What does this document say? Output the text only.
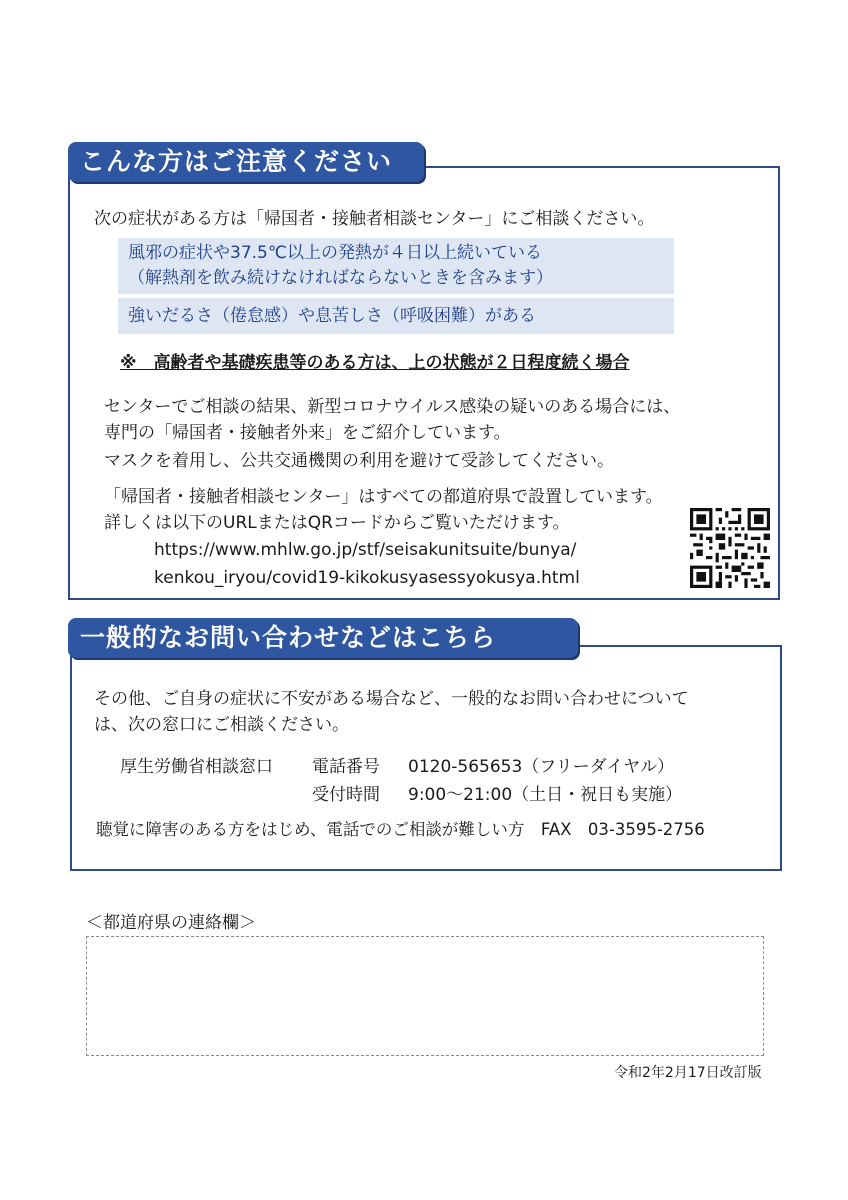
こんな方はご注意ください
次の症状がある方は「帰国者・接触者相談センター」にご相談ください。
風邪の症状や37.5℃以上の発熱が４日以上続いている
（解熱剤を飲み続けなければならないときを含みます）
強いだるさ（倦怠感）や息苦しさ（呼吸困難）がある
※　高齢者や基礎疾患等のある方は、上の状態が２日程度続く場合
センターでご相談の結果、新型コロナウイルス感染の疑いのある場合には、
専門の「帰国者・接触者外来」をご紹介しています。
マスクを着用し、公共交通機関の利用を避けて受診してください。
「帰国者・接触者相談センター」はすべての都道府県で設置しています。
詳しくは以下のURLまたはQRコードからご覧いただけます。
https://www.mhlw.go.jp/stf/seisakunitsuite/bunya/
kenkou_iryou/covid19-kikokusyasessyokusya.html
一般的なお問い合わせなどはこちら
その他、ご自身の症状に不安がある場合など、一般的なお問い合わせについて
は、次の窓口にご相談ください。
厚生労働省相談窓口 電話番号 0120-565653（フリーダイヤル）
受付時間 9:00～21:00（土日・祝日も実施）
聴覚に障害のある方をはじめ、電話でのご相談が難しい方　FAX　03-3595-2756
＜都道府県の連絡欄＞
令和2年2月17日改訂版
